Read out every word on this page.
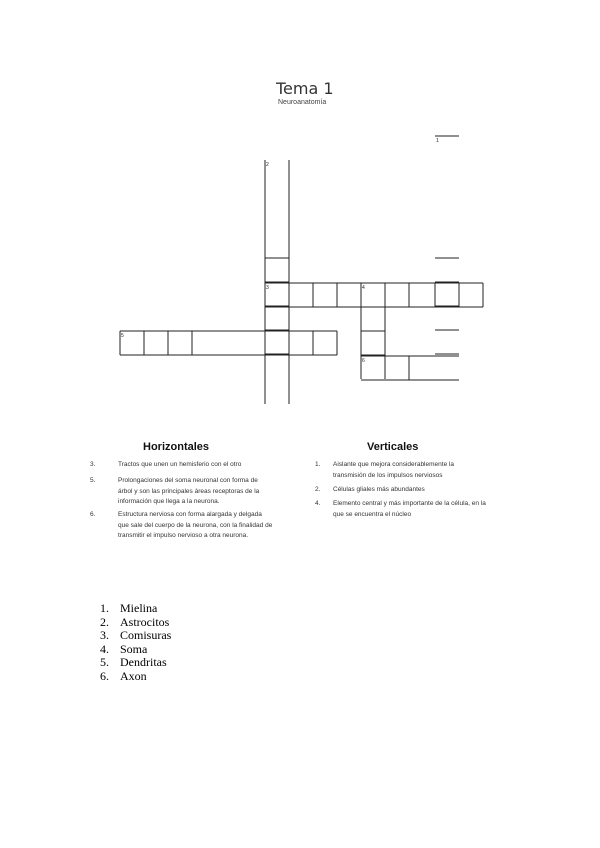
Tema 1
Neuroanatomía
1
2
3	4
5
6
Horizontales
3.	Tractos que unen un hemisferio con el otro
5.	Prolongaciones del soma neuronal con forma de
árbol y son las principales áreas receptoras de la
información que llega a la neurona.
6.	Estructura nerviosa con forma alargada y delgada
que sale del cuerpo de la neurona, con la finalidad de
transmitir el impulso nervioso a otra neurona.
Verticales
1. Aislante que mejora considerablemente la
transmisión de los impulsos nerviosos
2. Células gliales más abundantes
4. Elemento central y más importante de la célula, en la
que se encuentra el núcleo
1. Mielina
2. Astrocitos
3. Comisuras
4. Soma
5. Dendritas
6. Axon
